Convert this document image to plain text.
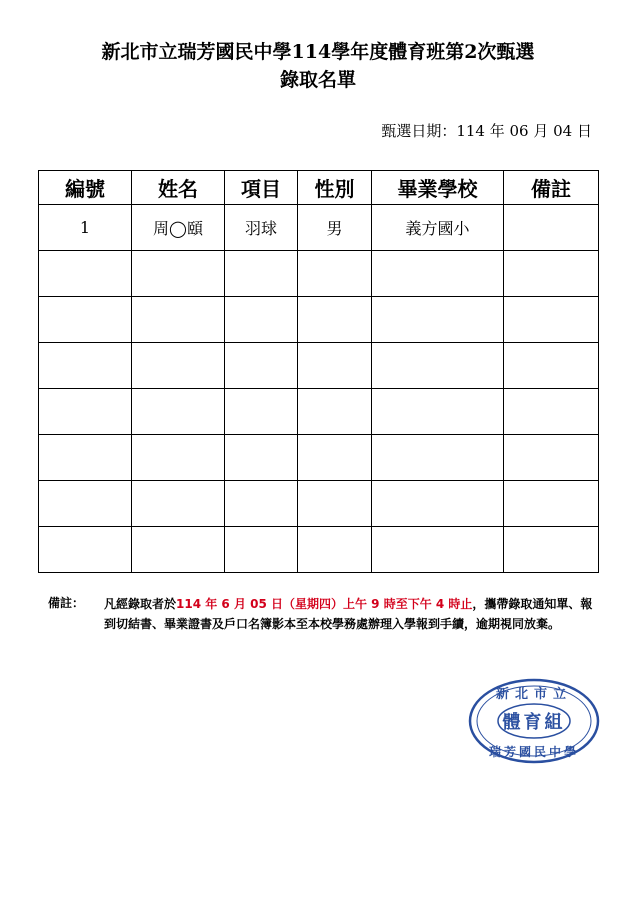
新北市立瑞芳國民中學114學年度體育班第2次甄選
錄取名單
甄選日期：114 年 06 月 04 日
編號	姓名	項目	性別	畢業學校	備註
1	周◯頤	羽球	男	義方國小	

備註： 凡經錄取者於114 年 6 月 05 日（星期四）上午 9 時至下午 4 時止，攜帶錄取通知單、報到切結書、畢業證書及戶口名簿影本至本校學務處辦理入學報到手續，逾期視同放棄。
新北市立
體育組
瑞芳國民中學
